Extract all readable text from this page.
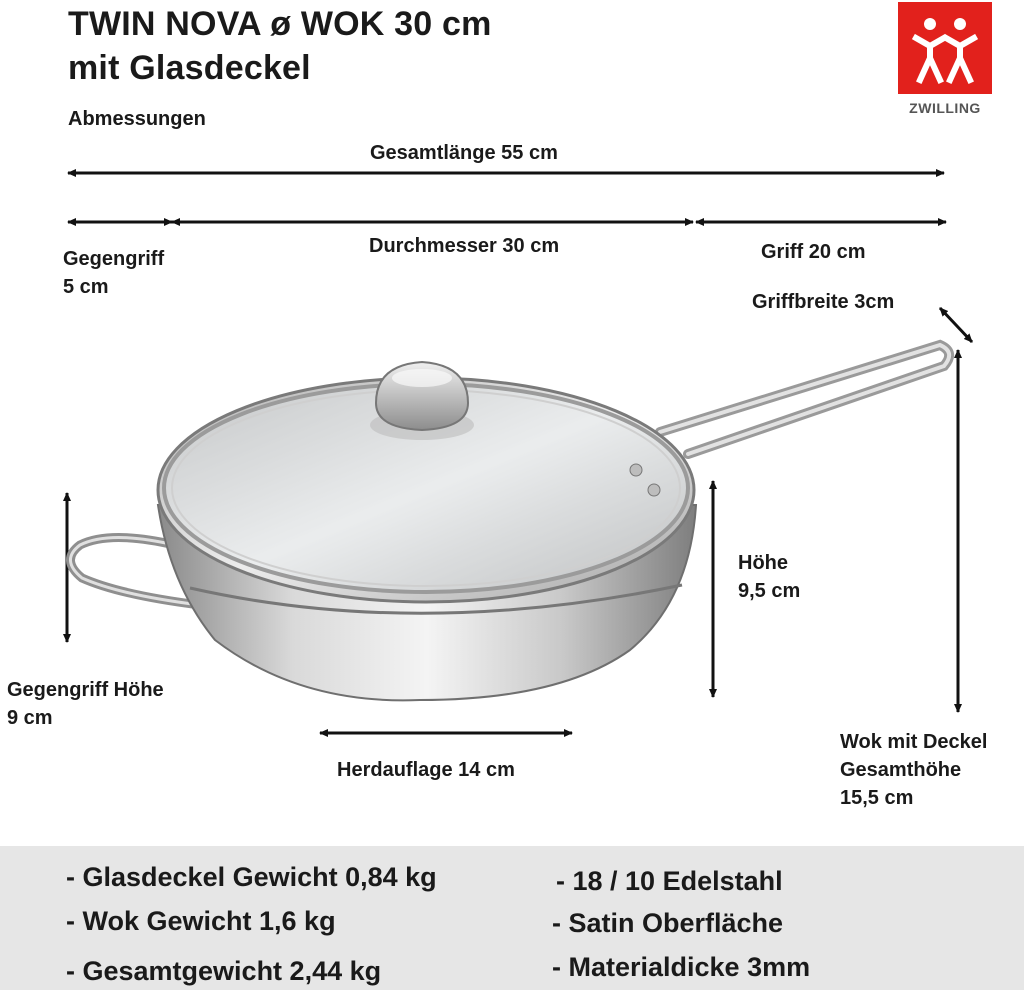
TWIN NOVA ø WOK 30 cm
mit Glasdeckel
Abmessungen	ZWILLING
Gesamtlänge 55 cm
Gegengriff
5 cm
Durchmesser 30 cm	Griff 20 cm
Griffbreite 3cm
Höhe
9,5 cm
Gegengriff Höhe
9 cm
Herdauflage 14 cm
Wok mit Deckel
Gesamthöhe
15,5 cm
- Glasdeckel Gewicht 0,84 kg
- Wok Gewicht 1,6 kg
- Gesamtgewicht 2,44 kg
- 18 / 10 Edelstahl
- Satin Oberfläche
- Materialdicke 3mm
